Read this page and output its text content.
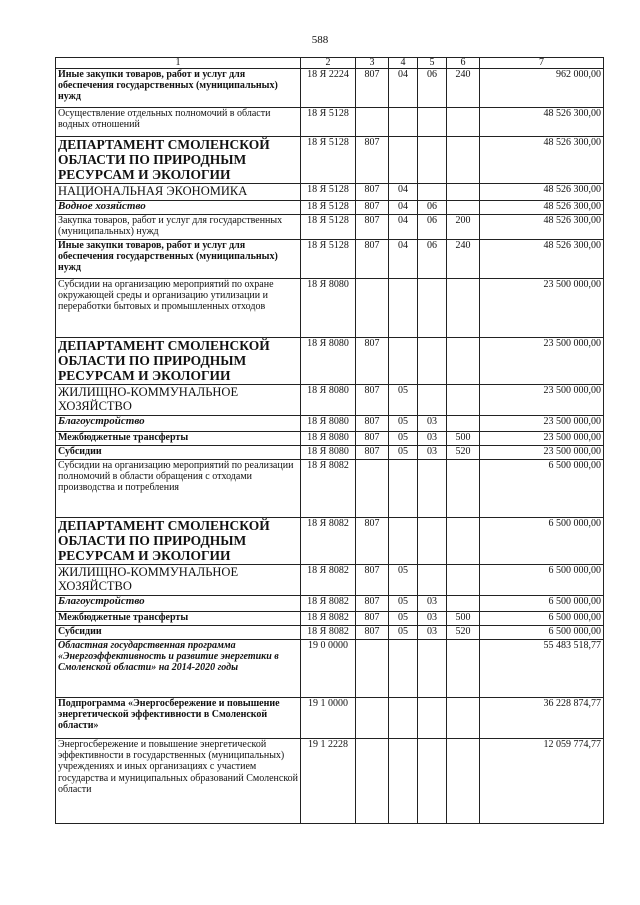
588
1	2	3	4	5	6	7
Иные закупки товаров, работ и услуг для обеспечения государственных (муниципальных) нужд	18 Я 2224	807	04	06	240	962 000,00
Осуществление отдельных полномочий в области водных отношений	18 Я 5128					48 526 300,00
ДЕПАРТАМЕНТ СМОЛЕНСКОЙ ОБЛАСТИ ПО ПРИРОДНЫМ РЕСУРСАМ И ЭКОЛОГИИ	18 Я 5128	807				48 526 300,00
НАЦИОНАЛЬНАЯ ЭКОНОМИКА	18 Я 5128	807	04			48 526 300,00
Водное хозяйство	18 Я 5128	807	04	06		48 526 300,00
Закупка товаров, работ и услуг для государственных (муниципальных) нужд	18 Я 5128	807	04	06	200	48 526 300,00
Иные закупки товаров, работ и услуг для обеспечения государственных (муниципальных) нужд	18 Я 5128	807	04	06	240	48 526 300,00
Субсидии на организацию мероприятий по охране окружающей среды и организацию утилизации и переработки бытовых и промышленных отходов	18 Я 8080					23 500 000,00
ДЕПАРТАМЕНТ СМОЛЕНСКОЙ ОБЛАСТИ ПО ПРИРОДНЫМ РЕСУРСАМ И ЭКОЛОГИИ	18 Я 8080	807				23 500 000,00
ЖИЛИЩНО-КОММУНАЛЬНОЕ ХОЗЯЙСТВО	18 Я 8080	807	05			23 500 000,00
Благоустройство	18 Я 8080	807	05	03		23 500 000,00
Межбюджетные трансферты	18 Я 8080	807	05	03	500	23 500 000,00
Субсидии	18 Я 8080	807	05	03	520	23 500 000,00
Субсидии на организацию мероприятий по реализации полномочий в области обращения с отходами производства и потребления	18 Я 8082					6 500 000,00
ДЕПАРТАМЕНТ СМОЛЕНСКОЙ ОБЛАСТИ ПО ПРИРОДНЫМ РЕСУРСАМ И ЭКОЛОГИИ	18 Я 8082	807				6 500 000,00
ЖИЛИЩНО-КОММУНАЛЬНОЕ ХОЗЯЙСТВО	18 Я 8082	807	05			6 500 000,00
Благоустройство	18 Я 8082	807	05	03		6 500 000,00
Межбюджетные трансферты	18 Я 8082	807	05	03	500	6 500 000,00
Субсидии	18 Я 8082	807	05	03	520	6 500 000,00
Областная государственная программа «Энергоэффективность и развитие энергетики в Смоленской области» на 2014-2020 годы	19 0 0000					55 483 518,77
Подпрограмма «Энергосбережение и повышение энергетической эффективности в Смоленской области»	19 1 0000					36 228 874,77
Энергосбережение и повышение энергетической эффективности в государственных (муниципальных) учреждениях и иных организациях с участием государства и муниципальных образований Смоленской области	19 1 2228					12 059 774,77
